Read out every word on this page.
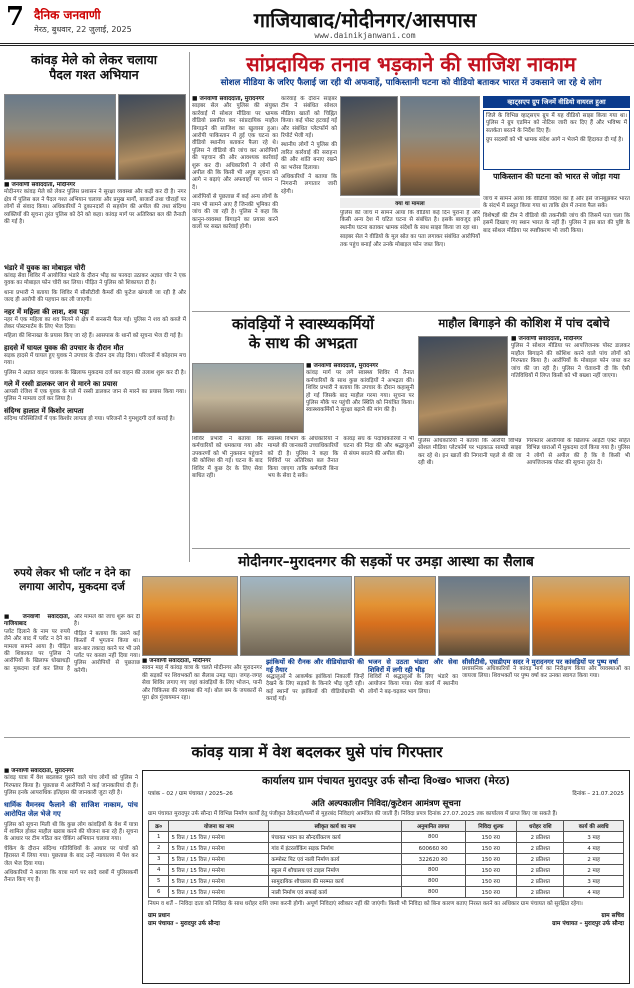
7 दैनिक जनवाणी
मेरठ, बुधवार, 22 जुलाई, 2025	गाजियाबाद/मोदीनगर/आसपास
www.dainikjanwani.com
कांवड़ मेले को लेकर चलाया
पैदल गश्त अभियान
■ जनवाणी संवाददाता, मोदीनगर

मोदीनगर कांवड़ मेले को लेकर पुलिस प्रशासन ने सुरक्षा व्यवस्था और कड़ी कर दी है। नगर क्षेत्र में पुलिस बल ने पैदल गश्त अभियान चलाया और प्रमुख मार्गों, बाजारों तथा चौराहों पर लोगों से संवाद किया। अधिकारियों ने दुकानदारों से सहयोग की अपील की तथा संदिग्ध व्यक्तियों की सूचना तुरंत पुलिस को देने को कहा। कांवड़ मार्ग पर अतिरिक्त बल की तैनाती की गई है।

भंडारे में युवक का मोबाइल चोरी

कांवड़ सेवा शिविर में आयोजित भंडारे के दौरान भीड़ का फायदा उठाकर अज्ञात चोर ने एक युवक का मोबाइल फोन चोरी कर लिया। पीड़ित ने पुलिस को शिकायत दी है।

थाना प्रभारी ने बताया कि शिविर में सीसीटीवी कैमरों की फुटेज खंगाली जा रही है और जल्द ही आरोपी की पहचान कर ली जाएगी।

नहर में महिला की लाश, शव पड़ा

नहर में एक महिला का शव मिलने से क्षेत्र में सनसनी फैल गई। पुलिस ने शव को कब्जे में लेकर पोस्टमार्टम के लिए भेज दिया।

महिला की शिनाख्त के प्रयास किए जा रहे हैं। आसपास के थानों को सूचना भेज दी गई है।

हादसे में घायल युवक की उपचार के दौरान मौत

सड़क हादसे में घायल हुए युवक ने उपचार के दौरान दम तोड़ दिया। परिजनों में कोहराम मच गया।

पुलिस ने अज्ञात वाहन चालक के खिलाफ मुकदमा दर्ज कर वाहन की तलाश शुरू कर दी है।

गले में रस्सी डालकर जान से मारने का प्रयास

आपसी रंजिश में एक युवक के गले में रस्सी डालकर जान से मारने का प्रयास किया गया। पुलिस ने मामला दर्ज कर लिया है।

संदिग्ध हालात में किशोर लापता

संदिग्ध परिस्थितियों में एक किशोर लापता हो गया। परिजनों ने गुमशुदगी दर्ज कराई है।

सांप्रदायिक तनाव भड़काने की साजिश नाकाम
सोशल मीडिया के जरिए फैलाई जा रही थी अफवाहें, पाकिस्तानी घटना को वीडियो बताकर भारत में उकसाने जा रहे थे लोग
■ जनवाणी संवाददाता, मुरादनगर

साइबर सेल और पुलिस की संयुक्त कार्रवाई में सोशल मीडिया पर भ्रामक वीडियो प्रसारित कर सांप्रदायिक माहौल बिगाड़ने की साजिश का खुलासा हुआ। आरोपी पाकिस्तान में हुई एक घटना का वीडियो स्थानीय बताकर फैला रहे थे। पुलिस ने वीडियो की जांच कर आरोपियों की पहचान की और आवश्यक कार्रवाई शुरू कर दी। अधिकारियों ने लोगों से अपील की कि किसी भी अपुष्ट सूचना को आगे न बढ़ाएं और अफवाहों पर ध्यान न दें।

आरोपियों से पूछताछ में कई अन्य लोगों के नाम भी सामने आए हैं जिनकी भूमिका की जांच की जा रही है। पुलिस ने कहा कि कानून-व्यवस्था बिगाड़ने का प्रयास करने वालों पर सख्त कार्रवाई होगी।

कार्रवाई के दौरान साइबर टीम ने संबंधित सोशल मीडिया खातों को चिह्नित किया। कई पोस्ट हटवाई गईं और संबंधित प्लेटफॉर्म को रिपोर्ट भेजी गई।

स्थानीय लोगों ने पुलिस की त्वरित कार्रवाई की सराहना की और शांति बनाए रखने का भरोसा दिलाया।

अधिकारियों ने बताया कि निगरानी लगातार जारी रहेगी।

क्या था मामला

पुलिस की जांच में सामने आया कि वीडियो कई दिन पुराना है और किसी अन्य देश में घटित घटना से संबंधित है। इसके बावजूद इसे स्थानीय घटना बताकर भ्रामक संदेशों के साथ साझा किया जा रहा था।

साइबर सेल ने वीडियो के मूल स्रोत का पता लगाकर संबंधित आरोपियों तक पहुंच बनाई और उनके मोबाइल फोन जब्त किए।

व्हाट्सएप ग्रुप जिनमें वीडियो वायरल हुआ

जिले के विभिन्न व्हाट्सएप ग्रुप में यह वीडियो साझा किया गया था। पुलिस ने ग्रुप एडमिन को नोटिस जारी कर दिए हैं और भविष्य में सतर्कता बरतने के निर्देश दिए हैं।

ग्रुप सदस्यों को भी भ्रामक संदेश आगे न भेजने की हिदायत दी गई है।

पाकिस्तान की घटना को भारत से जोड़ा गया

जांच में सामने आया कि वीडियो विदेश का है और इसे जानबूझकर भारत के संदर्भ में प्रस्तुत किया गया था ताकि क्षेत्र में तनाव फैल सके।

विशेषज्ञों की टीम ने वीडियो की तकनीकी जांच की जिसमें पता चला कि इसमें दिखाए गए स्थान भारत के नहीं हैं। पुलिस ने इस बात की पुष्टि के बाद सोशल मीडिया पर स्पष्टीकरण भी जारी किया।

कांवड़ियों ने स्वास्थ्यकर्मियों
के साथ की अभद्रता
■ जनवाणी संवाददाता, मुरादनगर

कांवड़ मार्ग पर लगे स्वास्थ्य शिविर में तैनात कर्मचारियों के साथ कुछ कांवड़ियों ने अभद्रता की। शिविर प्रभारी ने बताया कि उपचार के दौरान कहासुनी हो गई जिसके बाद माहौल गरमा गया। सूचना पर पुलिस मौके पर पहुंची और स्थिति को नियंत्रित किया। स्वास्थ्यकर्मियों ने सुरक्षा बढ़ाने की मांग की है।

शिविर प्रभारी ने बताया कि कर्मचारियों को धमकाया गया और उपकरणों को भी नुकसान पहुंचाने की कोशिश की गई। घटना के बाद शिविर में कुछ देर के लिए सेवा बाधित रही।

स्वास्थ्य विभाग के अधिकारियों ने मामले की जानकारी उच्चाधिकारियों को दी है। पुलिस ने कहा कि शिविरों पर अतिरिक्त बल तैनात किया जाएगा ताकि कर्मचारी बिना भय के सेवा दे सकें।

कांवड़ संघ के पदाधिकारियों ने भी घटना की निंदा की और श्रद्धालुओं से संयम बरतने की अपील की।

माहौल बिगाड़ने की कोशिश में पांच दबोचे
■ जनवाणी संवाददाता, मोदीनगर

पुलिस ने सोशल मीडिया पर आपत्तिजनक पोस्ट डालकर माहौल बिगाड़ने की कोशिश करने वाले पांच लोगों को गिरफ्तार किया है। आरोपियों के मोबाइल फोन जब्त कर जांच की जा रही है। पुलिस ने चेतावनी दी कि ऐसी गतिविधियों में लिप्त किसी को भी बख्शा नहीं जाएगा।

पुलिस अधिकारियों ने बताया कि आरोपी विभिन्न सोशल मीडिया प्लेटफॉर्म पर भड़काऊ सामग्री साझा कर रहे थे। इन खातों की निगरानी पहले से की जा रही थी।

गिरफ्तार आरोपियों के खिलाफ आईटी एक्ट सहित विभिन्न धाराओं में मुकदमा दर्ज किया गया है। पुलिस ने लोगों से अपील की है कि वे किसी भी आपत्तिजनक पोस्ट की सूचना तुरंत दें।

मोदीनगर–मुरादनगर की सड़कों पर उमड़ा आस्था का सैलाब
रुपये लेकर भी प्लॉट न देने का
लगाया आरोप, मुकदमा दर्ज
■ जनवाणी संवाददाता, गाजियाबाद

प्लॉट दिलाने के नाम पर रुपये लेने और बाद में प्लॉट न देने का मामला सामने आया है। पीड़ित की शिकायत पर पुलिस ने आरोपियों के खिलाफ धोखाधड़ी का मुकदमा दर्ज कर लिया है और मामले की जांच शुरू कर दी है।

पीड़ित ने बताया कि उसने कई किस्तों में भुगतान किया था। बार-बार तकादा करने पर भी उसे प्लॉट पर कब्जा नहीं दिया गया। पुलिस आरोपियों से पूछताछ करेगी।

■ जनवाणी संवाददाता, मोदीनगर

सावन माह में कांवड़ यात्रा के चलते मोदीनगर और मुरादनगर की सड़कों पर शिवभक्तों का सैलाब उमड़ पड़ा। जगह-जगह सेवा शिविर लगाए गए जहां कांवड़ियों के लिए भोजन, पानी और चिकित्सा की व्यवस्था की गई। बोल बम के जयकारों से पूरा क्षेत्र गुंजायमान रहा।

झांकियों की रौनक और वीडियोग्राफी की गई तैयार

श्रद्धालुओं ने आकर्षक झांकियां निकालीं जिन्हें देखने के लिए सड़कों के किनारे भीड़ जुटी रही। कई स्थानों पर झांकियों की वीडियोग्राफी भी कराई गई।

भजन से उठता भंडारा और सेवा शिविरों में लगी रही भीड़

शिविरों में श्रद्धालुओं के लिए भंडारे का आयोजन किया गया। सेवा कार्य में स्थानीय लोगों ने बढ़-चढ़कर भाग लिया।

सीसीटीवी, एसडीएम सदर ने मुरादनगर पर कांवड़ियों पर पुष्प वर्षा

प्रशासनिक अधिकारियों ने कांवड़ मार्ग का निरीक्षण किया और व्यवस्थाओं का जायजा लिया। शिवभक्तों पर पुष्प वर्षा कर उनका स्वागत किया गया।

कांवड़ यात्रा में वेश बदलकर घुसे पांच गिरफ्तार
■ जनवाणी संवाददाता, मुरादनगर

कांवड़ यात्रा में वेश बदलकर घुसने वाले पांच लोगों को पुलिस ने गिरफ्तार किया है। पूछताछ में आरोपियों ने कई जानकारियां दी हैं। पुलिस इनके आपराधिक इतिहास की जानकारी जुटा रही है।

धार्मिक वैमनस्य फैलाने की साजिश नाकाम, पांच आरोपित जेल भेजे गए

पुलिस को सूचना मिली थी कि कुछ लोग कांवड़ियों के वेश में यात्रा में शामिल होकर माहौल खराब करने की योजना बना रहे हैं। सूचना के आधार पर टीम गठित कर चेकिंग अभियान चलाया गया।

चेकिंग के दौरान संदिग्ध गतिविधियों के आधार पर पांचों को हिरासत में लिया गया। पूछताछ के बाद उन्हें न्यायालय में पेश कर जेल भेज दिया गया।

अधिकारियों ने बताया कि यात्रा मार्ग पर सादे वस्त्रों में पुलिसकर्मी तैनात किए गए हैं।

कार्यालय ग्राम पंचायत मुरादपुर उर्फ सौन्दा वि०ख० भाजरा (मेरठ)
पत्रांक – 02 / ग्राम पंचायत / 2025–26	दिनांक – 21.07.2025
अति अल्पकालीन निविदा/कुटेशन आमंत्रण सूचना
ग्राम पंचायत मुरादपुर उर्फ सौन्दा में विभिन्न निर्माण कार्यों हेतु पंजीकृत ठेकेदारों/फर्मों से मुहरबंद निविदाएं आमंत्रित की जाती हैं। निविदा प्रपत्र दिनांक 27.07.2025 तक कार्यालय में प्राप्त किए जा सकते हैं।
क्र०	योजना का नाम	स्वीकृत कार्य का नाम	अनुमानित लागत	निविदा शुल्क	धरोहर राशि	कार्य की अवधि
1	5 वित्त / 15 वित्त / मनरेगा	पंचायत भवन का सौन्दर्यीकरण कार्य	800	150 रु0	2 प्रतिशत	3 माह
2	5 वित्त / 15 वित्त / मनरेगा	गांव में इंटरलॉकिंग सड़क निर्माण	600660 रु0	150 रु0	2 प्रतिशत	4 माह
3	5 वित्त / 15 वित्त / मनरेगा	कम्पोस्ट पिट एवं नाली निर्माण कार्य	322620 रु0	150 रु0	2 प्रतिशत	2 माह
4	5 वित्त / 15 वित्त / मनरेगा	स्कूल में शौचालय एवं टाइल निर्माण	800	150 रु0	2 प्रतिशत	2 माह
5	5 वित्त / 15 वित्त / मनरेगा	सामुदायिक शौचालय की मरम्मत कार्य	800	150 रु0	2 प्रतिशत	3 माह
6	5 वित्त / 15 वित्त / मनरेगा	नाली निर्माण एवं सफाई कार्य	800	150 रु0	2 प्रतिशत	4 माह
नियम व शर्तें – निविदा दाता को निविदा के साथ धरोहर राशि जमा करनी होगी। अपूर्ण निविदाएं स्वीकार नहीं की जाएंगी। किसी भी निविदा को बिना कारण बताए निरस्त करने का अधिकार ग्राम पंचायत को सुरक्षित रहेगा।
ग्राम प्रधान
ग्राम पंचायत – मुरादपुर उर्फ सौन्दा
ग्राम सचिव
ग्राम पंचायत – मुरादपुर उर्फ सौन्दा
